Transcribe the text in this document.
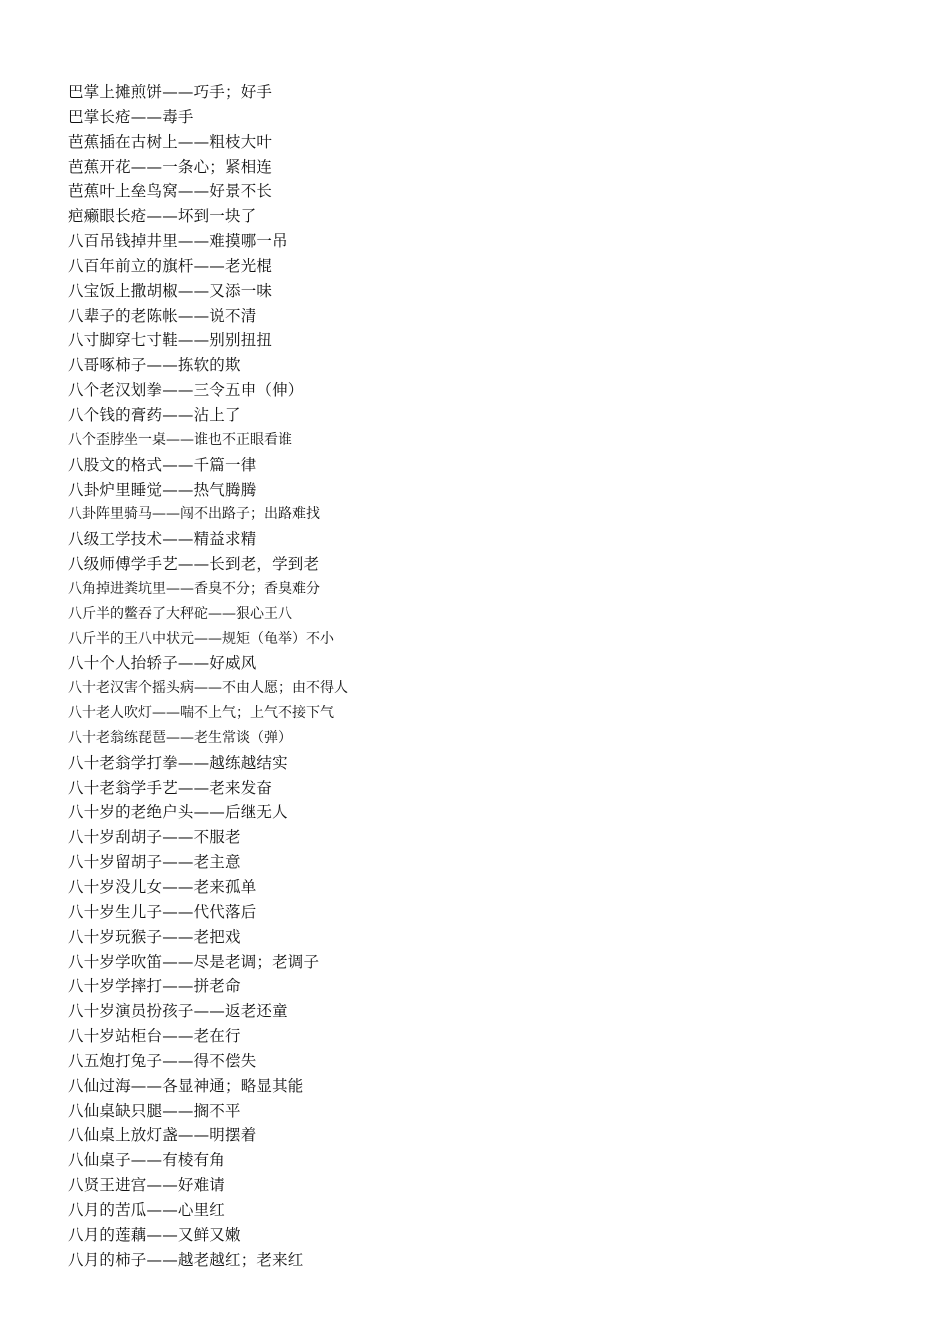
巴掌上摊煎饼——巧手；好手
巴掌长疮——毒手
芭蕉插在古树上——粗枝大叶
芭蕉开花——一条心；紧相连
芭蕉叶上垒鸟窝——好景不长
疤癞眼长疮——坏到一块了
八百吊钱掉井里——难摸哪一吊
八百年前立的旗杆——老光棍
八宝饭上撒胡椒——又添一味
八辈子的老陈帐——说不清
八寸脚穿七寸鞋——别别扭扭
八哥啄柿子——拣软的欺
八个老汉划拳——三令五申（伸）
八个钱的膏药——沾上了
八个歪脖坐一桌——谁也不正眼看谁
八股文的格式——千篇一律
八卦炉里睡觉——热气腾腾
八卦阵里骑马——闯不出路子；出路难找
八级工学技术——精益求精
八级师傅学手艺——长到老，学到老
八角掉进粪坑里——香臭不分；香臭难分
八斤半的鳖吞了大秤砣——狠心王八
八斤半的王八中状元——规矩（龟举）不小
八十个人抬轿子——好威风
八十老汉害个摇头病——不由人愿；由不得人
八十老人吹灯——喘不上气；上气不接下气
八十老翁练琵琶——老生常谈（弹）
八十老翁学打拳——越练越结实
八十老翁学手艺——老来发奋
八十岁的老绝户头——后继无人
八十岁刮胡子——不服老
八十岁留胡子——老主意
八十岁没儿女——老来孤单
八十岁生儿子——代代落后
八十岁玩猴子——老把戏
八十岁学吹笛——尽是老调；老调子
八十岁学摔打——拼老命
八十岁演员扮孩子——返老还童
八十岁站柜台——老在行
八五炮打兔子——得不偿失
八仙过海——各显神通；略显其能
八仙桌缺只腿——搁不平
八仙桌上放灯盏——明摆着
八仙桌子——有棱有角
八贤王进宫——好难请
八月的苦瓜——心里红
八月的莲藕——又鲜又嫩
八月的柿子——越老越红；老来红
